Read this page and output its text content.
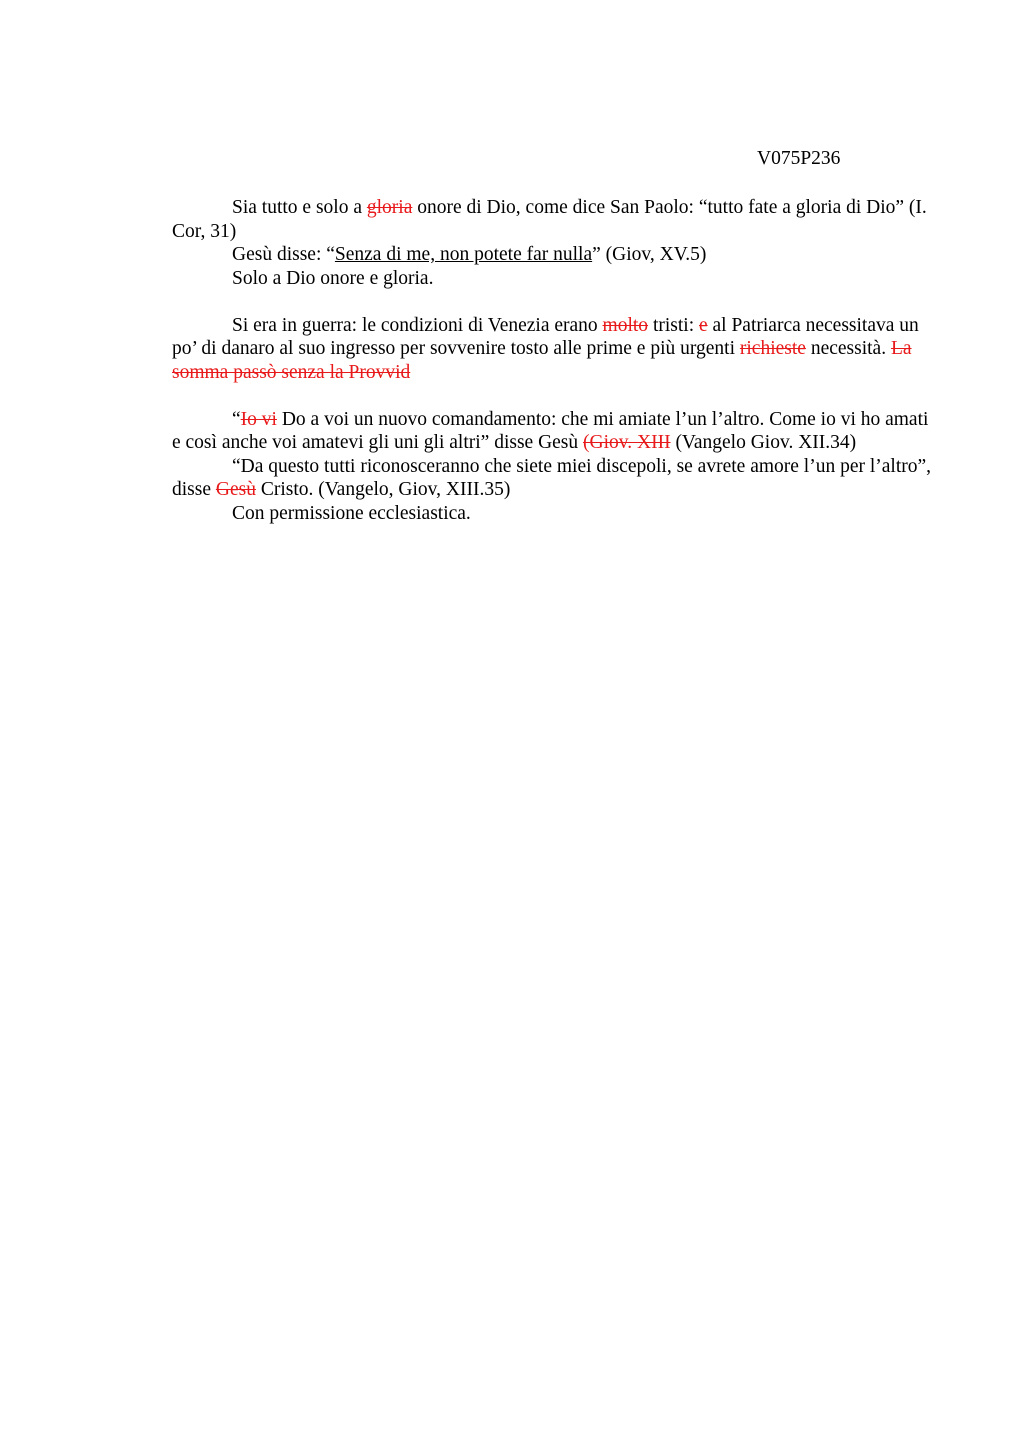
V075P236

Sia tutto e solo a gloria onore di Dio, come dice San Paolo: “tutto fate a gloria di Dio” (I. Cor, 31)

Gesù disse: “Senza di me, non potete far nulla” (Giov, XV.5)

Solo a Dio onore e gloria.

Si era in guerra: le condizioni di Venezia erano molto tristi: e al Patriarca necessitava un po’ di danaro al suo ingresso per sovvenire tosto alle prime e più urgenti richieste necessità. La somma passò senza la Provvid

“Io vi Do a voi un nuovo comandamento: che mi amiate l’un l’altro. Come io vi ho amati e così anche voi amatevi gli uni gli altri” disse Gesù (Giov. XIII (Vangelo Giov. XII.34)

“Da questo tutti riconosceranno che siete miei discepoli, se avrete amore l’un per l’altro”, disse Gesù Cristo. (Vangelo, Giov, XIII.35)

Con permissione ecclesiastica.
